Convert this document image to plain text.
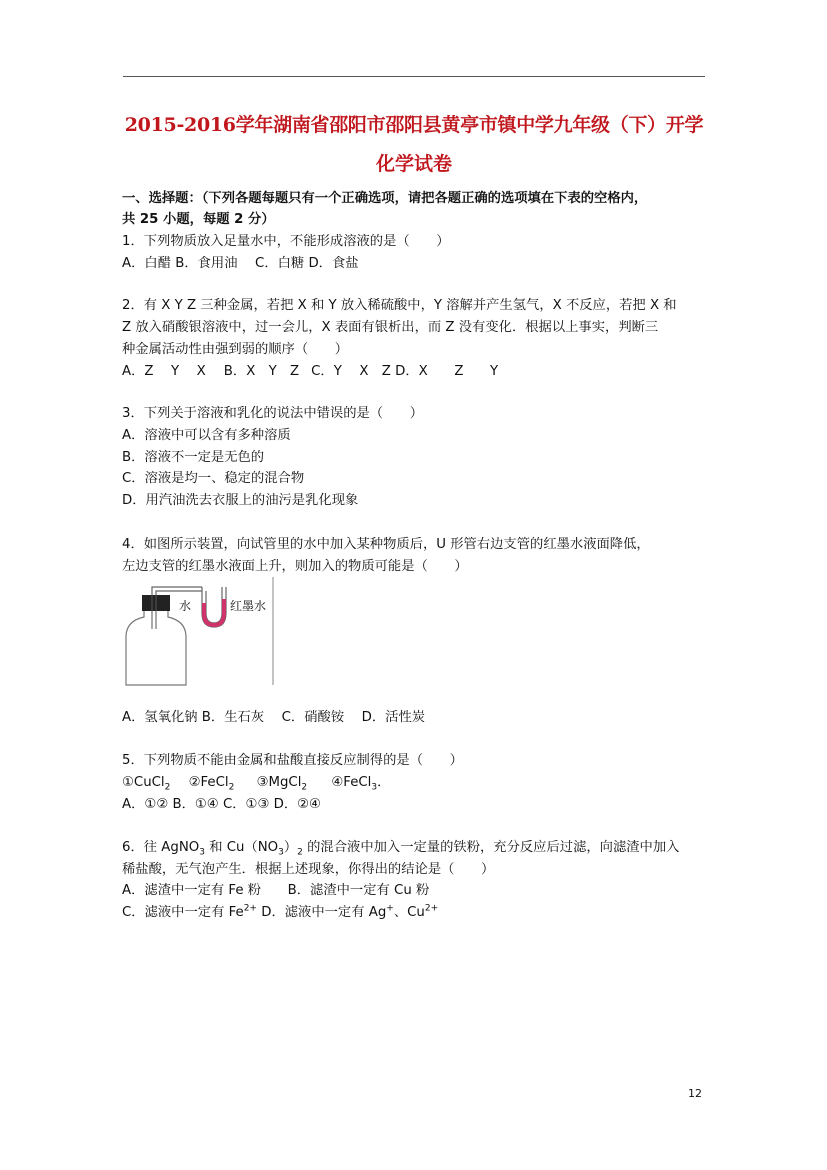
2015-2016学年湖南省邵阳市邵阳县黄亭市镇中学九年级（下）开学
化学试卷
一、选择题：（下列各题每题只有一个正确选项，请把各题正确的选项填在下表的空格内，
共 25 小题，每题 2 分）
1．下列物质放入足量水中，不能形成溶液的是（　　）
A．白醋 B．食用油　 C．白糖 D．食盐
2．有 X Y Z 三种金属，若把 X 和 Y 放入稀硫酸中，Y 溶解并产生氢气，X 不反应，若把 X 和
Z 放入硝酸银溶液中，过一会儿，X 表面有银析出，而 Z 没有变化．根据以上事实，判断三
种金属活动性由强到弱的顺序（　　）
A．Z　 Y　 X B．X　Y　Z C．Y　 X　Z D．X　　Z　　Y
3．下列关于溶液和乳化的说法中错误的是（　　）
A．溶液中可以含有多种溶质
B．溶液不一定是无色的
C．溶液是均一、稳定的混合物
D．用汽油洗去衣服上的油污是乳化现象
4．如图所示装置，向试管里的水中加入某种物质后，U 形管右边支管的红墨水液面降低，
左边支管的红墨水液面上升，则加入的物质可能是（　　）
水	红墨水
A．氢氧化钠 B．生石灰　 C．硝酸铵　 D．活性炭
5．下列物质不能由金属和盐酸直接反应制得的是（　　）
①CuCl$_2$ ②FeCl$_2$ ③MgCl$_2$ ④FeCl$_3$．
A．①② B．①④ C．①③ D．②④
6．往 AgNO$_3$ 和 $Cu(NO_3)_2$ 的混合液中加入一定量的铁粉，充分反应后过滤，向滤渣中加入
稀盐酸，无气泡产生．根据上述现象，你得出的结论是（　　）
A．滤渣中一定有 Fe 粉　　B．滤渣中一定有 Cu 粉
C．滤液中一定有 $Fe^{2+}$ D．滤液中一定有 Ag+、$Cu^{2+}$
12
